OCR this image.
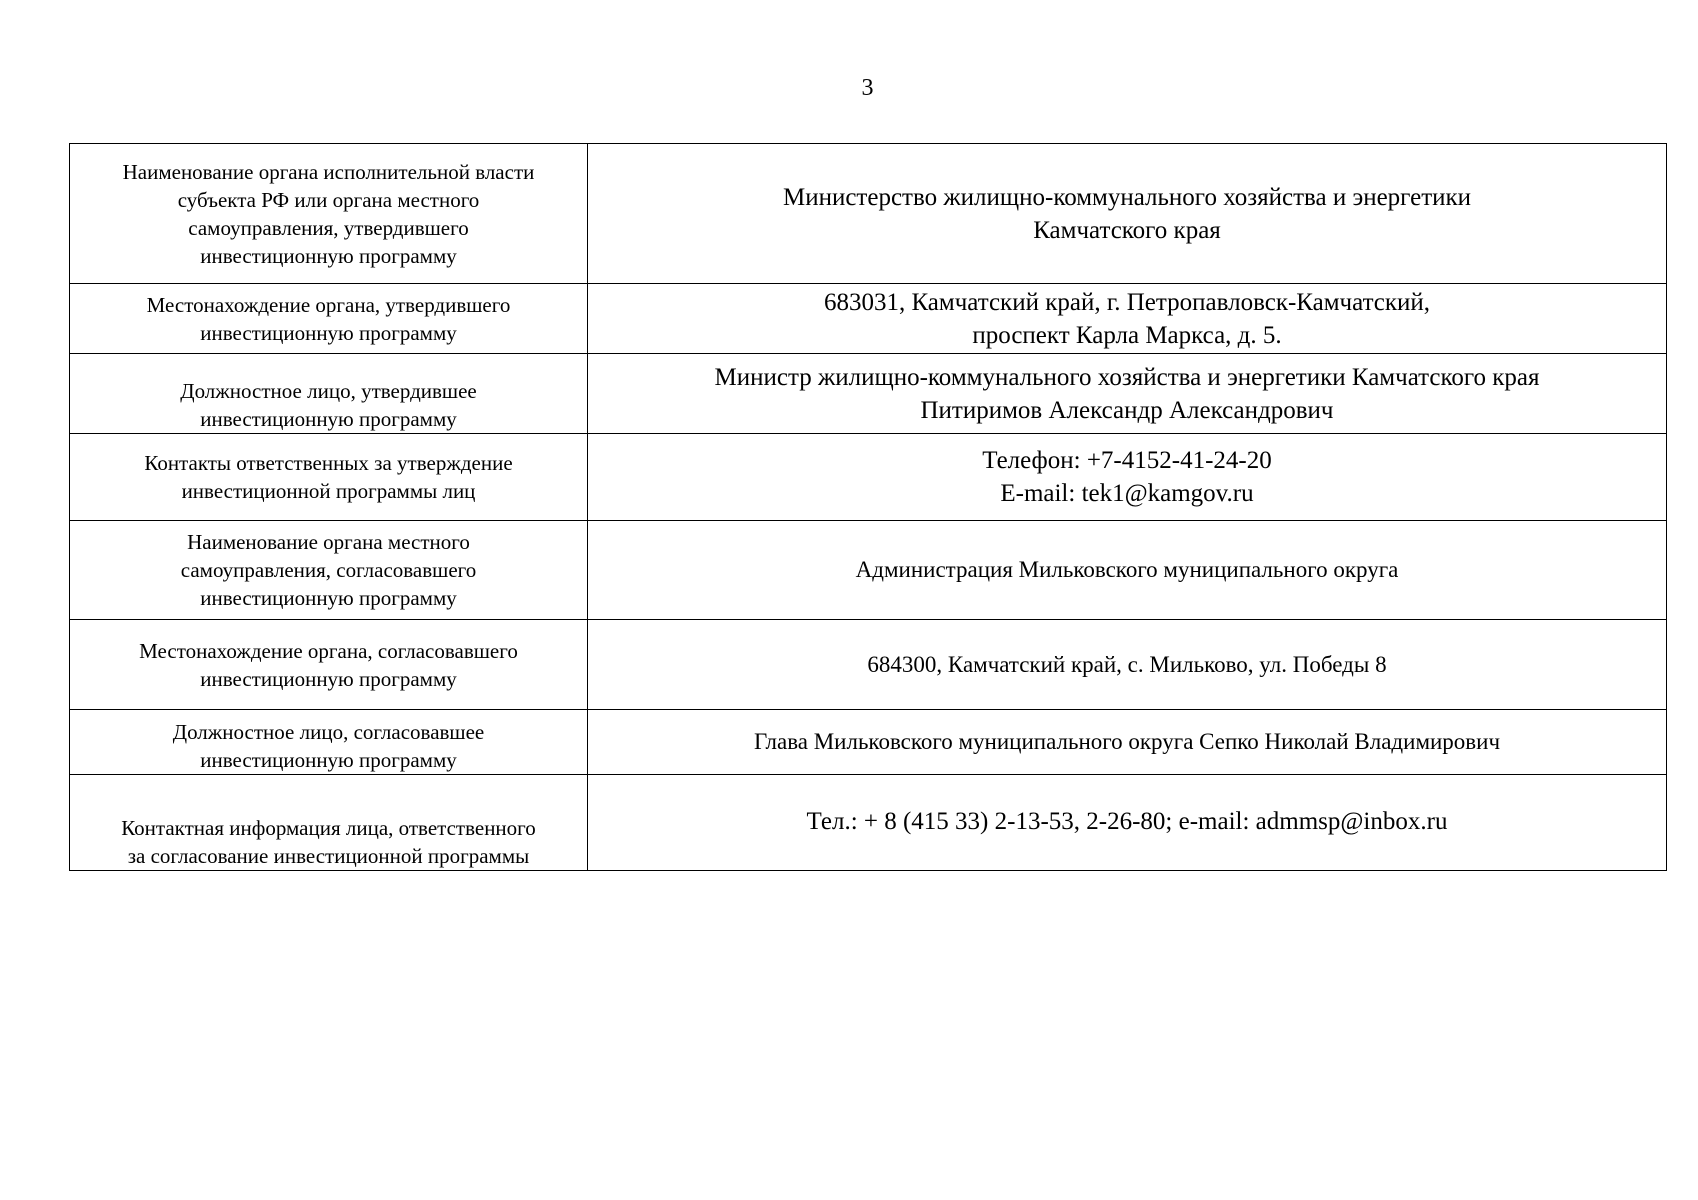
3
Наименование органа исполнительной власти
субъекта РФ или органа местного
самоуправления, утвердившего
инвестиционную программу	Министерство жилищно-коммунального хозяйства и энергетики
Камчатского края

Местонахождение органа, утвердившего
инвестиционную программу	683031, Камчатский край, г. Петропавловск-Камчатский,
проспект Карла Маркса, д. 5.

Должностное лицо, утвердившее
инвестиционную программу	Министр жилищно-коммунального хозяйства и энергетики Камчатского края
Питиримов Александр Александрович

Контакты ответственных за утверждение
инвестиционной программы лиц	Телефон: +7-4152-41-24-20
E-mail: tek1@kamgov.ru

Наименование органа местного
самоуправления, согласовавшего
инвестиционную программу	Администрация Мильковского муниципального округа

Местонахождение органа, согласовавшего
инвестиционную программу	684300, Камчатский край, с. Мильково, ул. Победы 8

Должностное лицо, согласовавшее
инвестиционную программу	Глава Мильковского муниципального округа Сепко Николай Владимирович

Контактная информация лица, ответственного
за согласование инвестиционной программы	Тел.: + 8 (415 33) 2-13-53, 2-26-80; e-mail: admmsp@inbox.ru
